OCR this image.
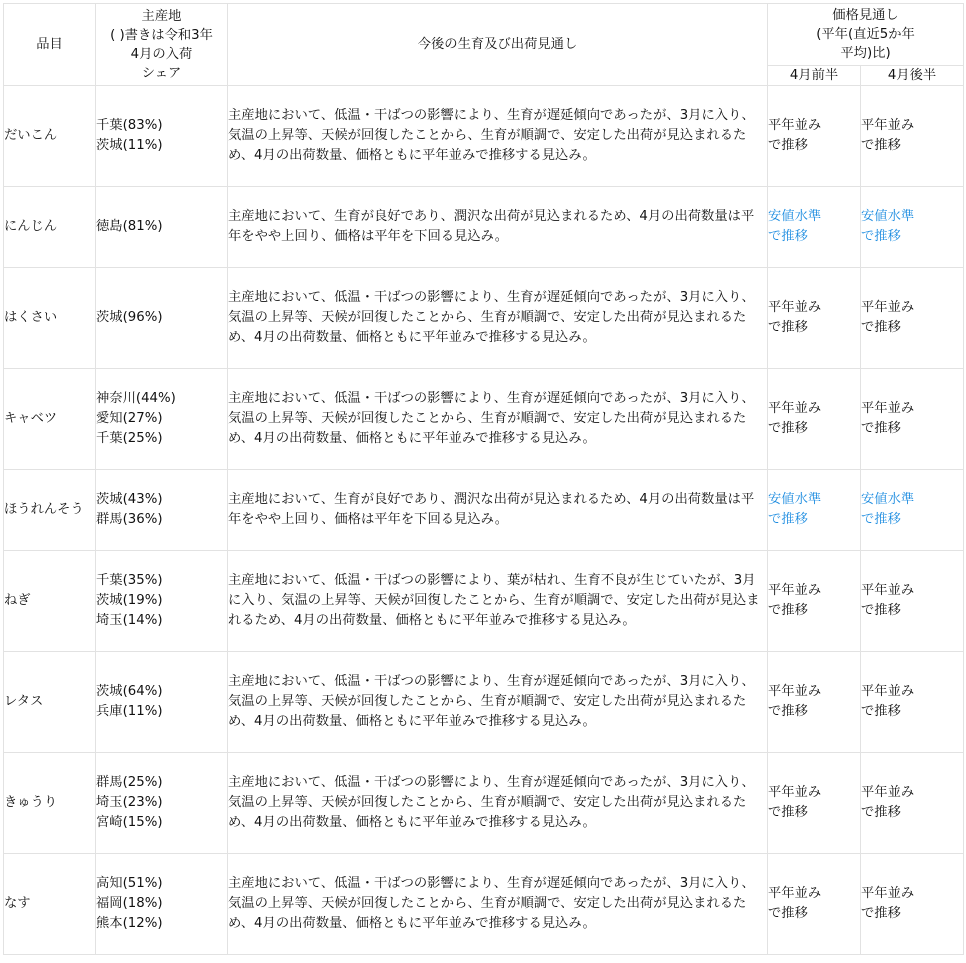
品目	主産地
( )書きは令和3年
4月の入荷
シェア	今後の生育及び出荷見通し	価格見通し
(平年(直近5か年
平均)比)	
			4月前半	4月後半
だいこん	千葉(83%)
茨城(11%)	主産地において、低温・干ばつの影響により、生育が遅延傾向であったが、3月に入り、気温の上昇等、天候が回復したことから、生育が順調で、安定した出荷が見込まれるため、4月の出荷数量、価格ともに平年並みで推移する見込み。	平年並み
で推移	平年並み
で推移
にんじん	徳島(81%)	主産地において、生育が良好であり、潤沢な出荷が見込まれるため、4月の出荷数量は平年をやや上回り、価格は平年を下回る見込み。	安値水準
で推移	安値水準
で推移
はくさい	茨城(96%)	主産地において、低温・干ばつの影響により、生育が遅延傾向であったが、3月に入り、気温の上昇等、天候が回復したことから、生育が順調で、安定した出荷が見込まれるため、4月の出荷数量、価格ともに平年並みで推移する見込み。	平年並み
で推移	平年並み
で推移
キャベツ	神奈川(44%)
愛知(27%)
千葉(25%)	主産地において、低温・干ばつの影響により、生育が遅延傾向であったが、3月に入り、気温の上昇等、天候が回復したことから、生育が順調で、安定した出荷が見込まれるため、4月の出荷数量、価格ともに平年並みで推移する見込み。	平年並み
で推移	平年並み
で推移
ほうれんそう	茨城(43%)
群馬(36%)	主産地において、生育が良好であり、潤沢な出荷が見込まれるため、4月の出荷数量は平年をやや上回り、価格は平年を下回る見込み。	安値水準
で推移	安値水準
で推移
ねぎ	千葉(35%)
茨城(19%)
埼玉(14%)	主産地において、低温・干ばつの影響により、葉が枯れ、生育不良が生じていたが、3月に入り、気温の上昇等、天候が回復したことから、生育が順調で、安定した出荷が見込まれるため、4月の出荷数量、価格ともに平年並みで推移する見込み。	平年並み
で推移	平年並み
で推移
レタス	茨城(64%)
兵庫(11%)	主産地において、低温・干ばつの影響により、生育が遅延傾向であったが、3月に入り、気温の上昇等、天候が回復したことから、生育が順調で、安定した出荷が見込まれるため、4月の出荷数量、価格ともに平年並みで推移する見込み。	平年並み
で推移	平年並み
で推移
きゅうり	群馬(25%)
埼玉(23%)
宮崎(15%)	主産地において、低温・干ばつの影響により、生育が遅延傾向であったが、3月に入り、気温の上昇等、天候が回復したことから、生育が順調で、安定した出荷が見込まれるため、4月の出荷数量、価格ともに平年並みで推移する見込み。	平年並み
で推移	平年並み
で推移
なす	高知(51%)
福岡(18%)
熊本(12%)	主産地において、低温・干ばつの影響により、生育が遅延傾向であったが、3月に入り、気温の上昇等、天候が回復したことから、生育が順調で、安定した出荷が見込まれるため、4月の出荷数量、価格ともに平年並みで推移する見込み。	平年並み
で推移	平年並み
で推移
